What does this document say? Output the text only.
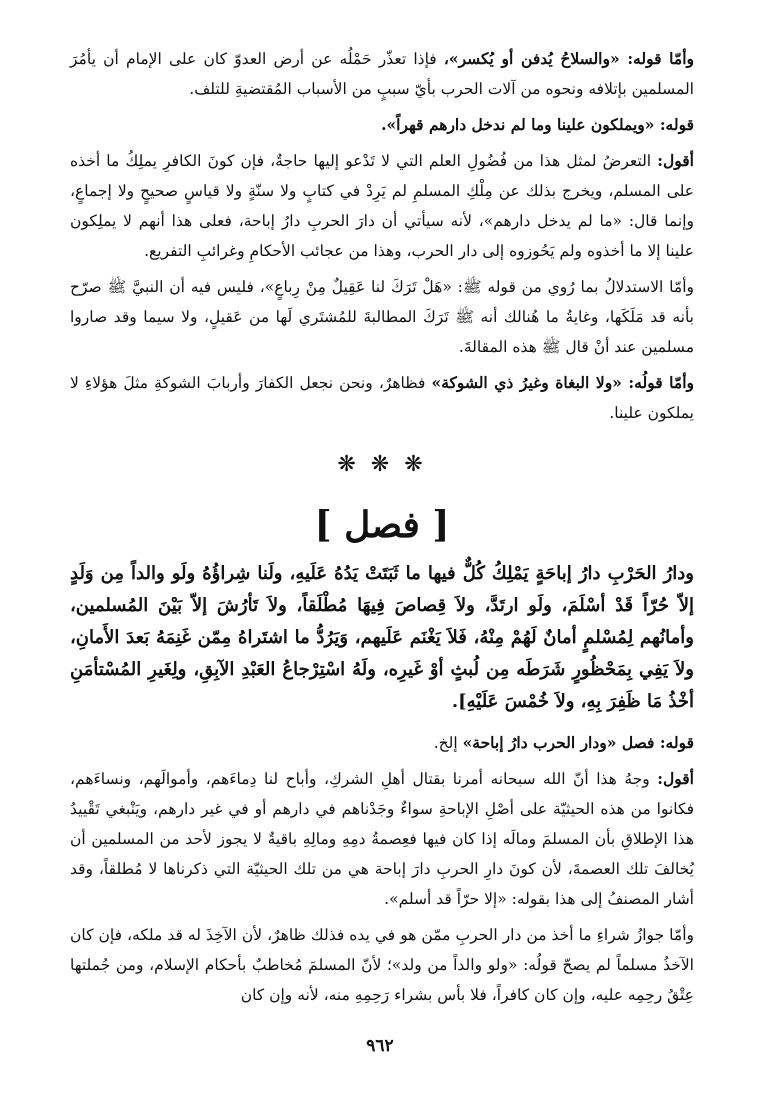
وأمّا قوله: «والسلاحُ يُدفن أو يُكسر»، فإذا تعذّر حَمْلُه عن أرض العدوّ كان على الإمام أن يأمُرَ المسلمين بإتلافه ونحوه من آلات الحرب بأيّ سببٍ من الأسباب المُقتضيةِ للتلف.

قوله: «ويملكون علينا وما لم ندخل دارهم قهراً».

أقول: التعرضُ لمثل هذا من فُضُولِ العلم التي لا تَدْعو إليها حاجةٌ، فإن كونَ الكافرِ يملِكُ ما أخذه على المسلم، ويخرج بذلك عن مِلْكِ المسلمِ لم يَرِدْ في كتابٍ ولا سنّةٍ ولا قياسٍ صحيحٍ ولا إجماعٍ، وإنما قال: «ما لم يدخل دارهم»، لأنه سيأتي أن دارَ الحربِ دارُ إباحة، فعلى هذا أنهم لا يملِكون علينا إلا ما أخذوه ولم يَحُوزوه إلى دار الحرب، وهذا من عجائب الأحكامِ وغرائبِ التفريع.

وأمّا الاستدلالُ بما رُوي من قوله ﷺ: «هَلْ تَرَكَ لنا عَقِيلٌ مِنْ رِباعٍ»، فليس فيه أن النبيَّ ﷺ صرّح بأنه قد مَلَكَها، وغايةُ ما هُنالك أنه ﷺ تَرَكَ المطالبةَ للمُشتَري لَها من عَقيلٍ، ولا سيما وقد صاروا مسلمين عند أنْ قال ﷺ هذه المقالةَ.

وأمّا قولُه: «ولا البغاة وغيرُ ذي الشوكة» فظاهرٌ، ونحن نجعل الكفارَ وأربابَ الشوكةِ مثلَ هؤلاءِ لا يملكون علينا.

❋ ❋ ❋
[ فصل ]

ودارُ الحَرْبِ دارُ إباحَةٍ يَمْلِكُ كُلٌّ فيها ما ثَبَتَتْ يَدُهُ عَلَيهِ، ولَنا شِراؤُهُ ولَو والداً مِن وَلَدٍ إلاّ حُرّاً قَدْ أسْلَمَ، ولَو ارتَدَّ، ولاَ قِصاصَ فِيهَا مُطْلَقاً، ولاَ تَأرُشَ إلاّ بَيْنَ المُسلمين، وأمانُهم لِمُسْلمٍ أمانٌ لَهُمْ مِنْهُ، فَلاَ يَغْنَم عَلَيهم، وَيَرُدُّ ما اشتَراهُ مِمّن غَنِمَهُ بَعدَ الأَمانِ، ولاَ يَفِي بِمَحْظُورٍ شَرَطَه مِن لُبثٍ أوْ غَيرِه، ولَهُ اسْتِرْجاعُ العَبْدِ الآبِقِ، ولِغَيرِ المُسْتأمَنِ أخْذُ مَا ظَفِرَ بِهِ، ولاَ خُمْسَ عَلَيْهِ].

قوله: فصل «ودار الحرب دارُ إباحة» إلخ.

أقول: وجهُ هذا أنّ الله سبحانه أمرنا بقتال أهلِ الشركِ، وأباح لنا دِماءَهم، وأموالَهم، ونساءَهم، فكانوا من هذه الحيثيّة على أصْلِ الإباحةِ سواءٌ وجَدْناهم في دارهم أو في غير دارهم، ويَنْبغي تَقْييدُ هذا الإطلاقِ بأن المسلمَ ومالَه إذا كان فيها فعِصمةُ دمِهِ ومالِهِ باقيةٌ لا يجوز لأحد من المسلمين أن يُخالفَ تلك العصمةَ، لأن كونَ دارِ الحربِ دارَ إباحة هي من تلك الحيثيّة التي ذكرناها لا مُطلقاً، وقد أشار المصنفُ إلى هذا بقوله: «إلا حرّاً قد أسلم».

وأمّا جوازُ شراءِ ما أخذ من دار الحربِ ممّن هو في يده فذلك ظاهرٌ، لأن الآخِذَ له قد ملكه، فإن كان الآخذُ مسلماً لم يصحّ قولُه: «ولو والداً من ولد»؛ لأنّ المسلمَ مُخاطبٌ بأحكام الإسلام، ومن جُملتها عِتْقُ رحِمِه عليه، وإن كان كافراً، فلا بأس بشراء رَحِمِهِ منه، لأنه وإن كان

٩٦٢
